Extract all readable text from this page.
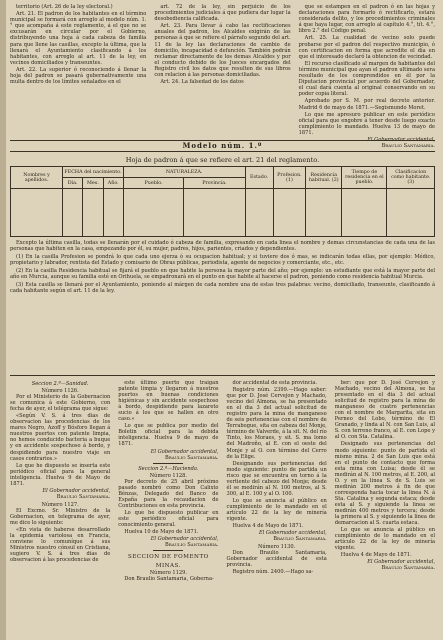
territorio (Art. 26 de la ley electoral.)

Art. 21. El padron de los habitantes en el término municipal se formará con arreglo al modelo núm. 1.° que acompaña á este reglamento, á el que no se excusarán en circular por el Gobierno, distribuyendo una hoja á cada cabeza de familia para que llene las casillas, excepto la última, que la llenará el Ayuntamiento clasificando á los habitantes, con arreglo al art. 11 de la ley, en vecinos domiciliados y transeuntes.

Art. 22. La superior ó reconociendo á llenar la hoja del padron se pasará gubernativamente una multa dentro de los límites señalados en el

art. 72 de la ley, sin perjuicio de los procedimientos judiciales á que pudiera dar lugar la desobediencia calificada.

Art. 23. Para llevar á cabo las rectificaciones anuales del padron, los Alcaldes exigirán de las personas á que se refiere el párrafo segundo del art. 11 de la ley las declaraciones de cambio de domicilio, incapacidad ó defunción. También podrán reclamar directamente de los demas Alcaldes y por el conducto debido de los Jueces encargados del Registro civil los datos que resulten de sus libros con relacion á las personas domiciliadas.

Art. 24. La falsedad de los datos

que se estampen en el padron ó en las hojas y declaraciones para formarlo ó rectificarlo, estará considerada delito, y los procedimientos criminales á que haya lugar, con arreglo al capítulo 4.°, tít. 4.°, libro 2.° del Código penal.

Art. 25. La cualidad de vecino solo puede probarse por el padron del respectivo municipio, ó con certificacion en forma que acredite el día en que el interesado declaró la obtencion de vecindad.

El recurso clasificado al margen de habitantes del término municipal que ayan el padron ultimado sera resultado de los comprendidos en él por la Diputacion provincial por acuerdo del Gobernador, el cual dará cuenta al original conservando en su poder copia literal.

Aprobado por S. M. por real decreto anterior. Madrid 6 de mayo de 1871.—Segismundo Moret.

Lo que me apresuro publicar en este periódico oficial para que engobre á tener desde luego exacto cumplimiento lo mandado. Huelva 13 de mayo de 1871.

El Gobernador accidental,
Braulio Santamaria.
Modelo núm. 1.º
Hoja de padron á que se refiere el art. 21 del reglamento.
Nombres y apellidos.	FECHA del nacimiento.			NATURALEZA.		Estado.	Profesion. (1)	Residencia habitual. (2)	Tiempo de residencia en el pueblo.	Clasificacion como habitante. (3)
	Día.	Mes.	Año.	Pueblo.	Provincia.					

Excepto la última casilla, todas se llenarán por el cuidado ó cabeza de familia, expresando en cada linea el nombre y demas circunstancias de cada una de las personas que habiten en la casa, empezando por él, su mujer, padres, hijos, parientes, criados y dependientes.

(1) En la casilla Profesion se pondrá lo que cada uno ejerza ó su ocupacion habitual; y si tuviere dos ó mas, se indicarán todas ellas, por ejemplo: Médico, propietario y labrador, rentista del Estado y comisario de Obras públicas, periodista, agente de negocios y comerciante, etc., etc.

(2) En la casilla Residencia habitual se fijará el pueblo en que habite la persona la mayor parte del año; por ejemplo: un estudiante que está la mayor parte del año en Murcia, aunque su familia esté en Orihuela, se empadronará en el punto en que habite al hacerse el padron, poniendo como residencia habitual Murcia.

(3) Esta casilla se llenará por el Ayuntamiento, poniendo al márgen de cada nombre una de estas tres palabras: vecino, domiciliado, transeunte, clasificando á cada habitante según el art. 11 de la ley.

Seccion 2.ª—Sanidad.
Número 1126.

Por el Ministerio de la Gobernacion se comunica á este Gobierno, con fecha de ayer, el telégrama que sigue:

«Según V. S. á tres dias de observacion las procedencias de los mares Negro, Azoff y Bósforo llegan á nuestros puertos con patente limpia, no hemos conducido bacteria a buque y en accidente sospechoso á bordo, y despidiendo para nuestro viaje en casos contrarios.»

Lo que he dispuesto se inserta este periódico oficial para la general inteligencia. Huelva 9 de Mayo de 1871.

El Gobernador accidental,
Braulio Santamaria.
Número 1127.

El Excmo. Sr. Ministro de la Gobernacion, en telegrama de ayer, me dice lo siguiente:

«En vista de haberse desarrollado la epidemia variolosa en Francia, conviene lo comuníque á sus Ministros nuestro cónsul en Cristiana, sugiero V. S. á tres dias de observacion á las procedencias de

este último puerto que traigan patente limpia y llegaron á nuestros puertos en buenas condiciones higiénicas y sin accidente sospechoso á bordo, despidiendo para lazareto sucio á los que se hallen en otro caso.»

Lo que se publica por medio del Boletin oficial para la debida inteligencia. Huelva 9 de mayo de 1871.

El Gobernador accidental,
Braulio Santamaria.
Seccion 2.ª—Hacienda.
Número 1128.

Por decreto de 25 abril próximo pasado nombró como Don Calixto Bénzas, Delegado del Banco de España para la recaudacion de Contribuciones en esta provincia.

Lo que he dispuesto publicar en este periódico oficial para conocimiento general.

Huelva 10 de Mayo de 1871.

El Gobernador accidental,
Braulio Santamaria.
SECCION DE FOMENTO
MINAS.
Número 1129.

Don Braulio Santamaria, Goberna-

dor accidental de esta provincia.

Registro núm. 2399.—Hago saber: que por D. José Cervejon y Machado, vecino del Almona, se ha presentado en el dia 3 del actual solicitud de registro para la mina de manganeso de seis pertenencias con el nombre de Terrabogue, sita en cabeza del Monje, término de Valverde, á la sit. N. del río Tinto, los Moraes, y sit. S. ma lomo del Madroño, al E. con el oeste del Monje y al O. con término del Cerro de la Elige.

Designando sus pertenencias del modo siguiente: punto de partida un risco que se encuentra en torno á la vertiente del cabezo del Monje; desde él se medirán al N. 100 metros, al S. 300, al E. 100 y al O. 100.

Lo que se anuncia al público en cumplimiento de lo mandado en el artículo 22 de la ley de minería vigente.

Huelva 4 de Mayo de 1871.

El Gobernador accidental,
Braulio Santamaria.
Número 1130.

Don Braulio Santamaria, Gobernador accidental de esta provincia.

Registro núm. 2400.—Hago sa-

ber: que por D. José Cervejon y Machado, vecino del Almona, se ha presentado en el dia 3 del actual solicitud de registro para la mina de manganeso de cuatro pertenencias con el nombre de Margarita, sita en Perneo del Lobo, término de El Granado, y linda al N. con San Luis, al S. con terreno franco, al E. con Lope y al O. con Sta. Catalina.

Designado sus pertenencias del modo siguiente: punto de partida el mismo mina. 2 de San Luis que está en el punto de contacto que forma esta mina con Luisa; desde él se medirán al N. 100 metros, al E. 200, al O. y en la linea S. de S. Luis se medirán 200 metros á fin de que corresponda hacia tocar la linea N. á Sta. Catalina y segunda estaca; desde esta al S. y siguiendo la linea se medirán 400 metros y tercera; desde la primera al S. y siguiendo la linea de demarcacion al S. cuarta estaca.

Lo que se anuncia al público en cumplimiento de lo mandado en el artículo 22 de la ley de minería vigente.

Huelva 4 de Mayo de 1871.

El Gobernador accidental,
Braulio Santamaria.
